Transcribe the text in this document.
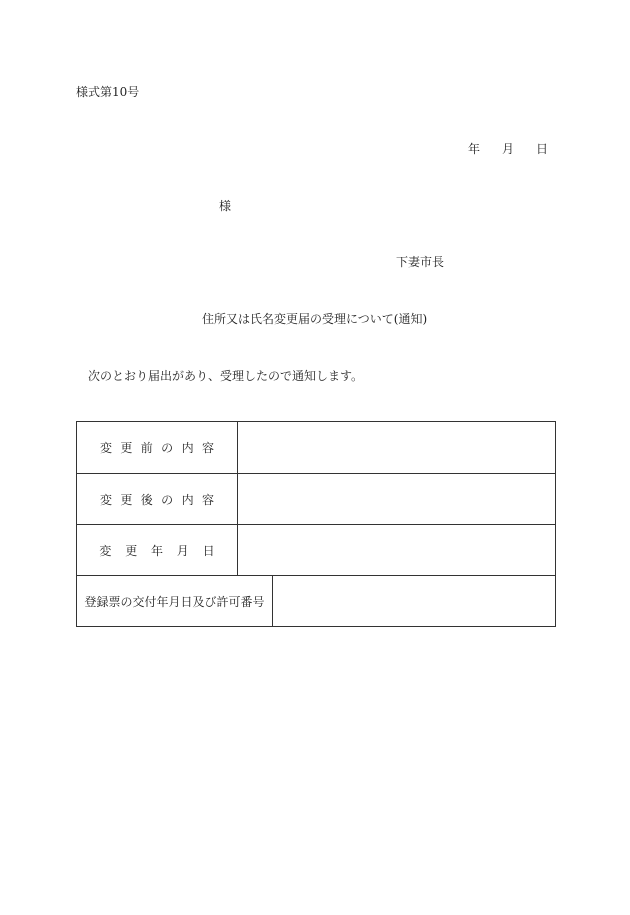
様式第10号
年 月 日
様
下妻市長
住所又は氏名変更届の受理について(通知)
次のとおり届出があり、受理したので通知します。
変更前の内容
変更後の内容
変更年月日
登録票の交付年月日及び許可番号
